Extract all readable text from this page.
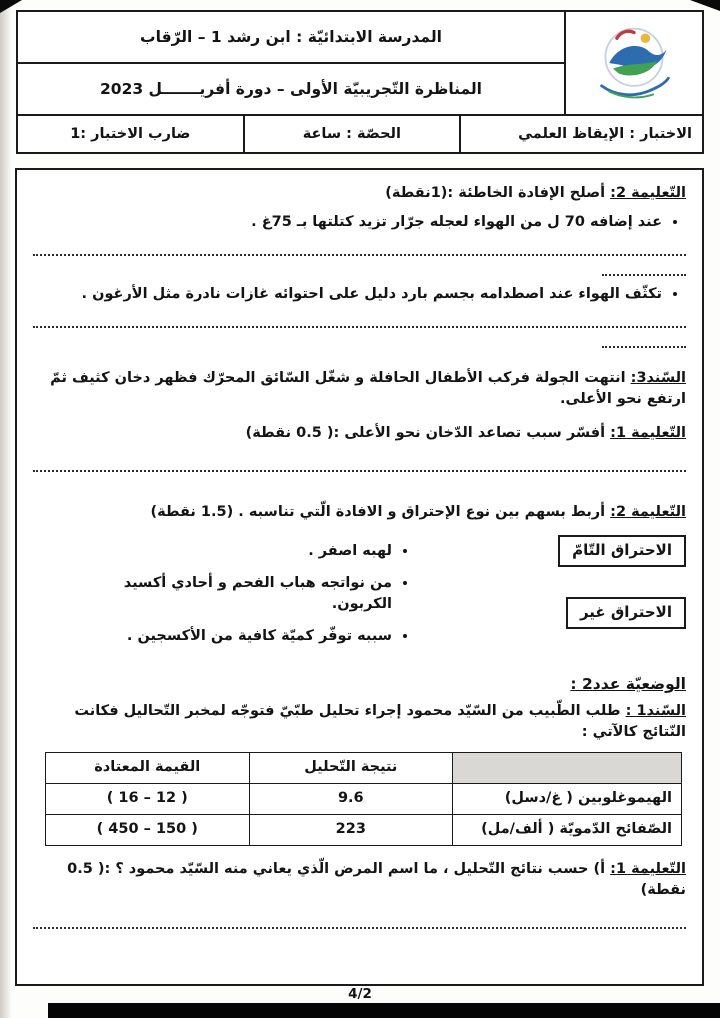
المدرسة الابتدائيّة : ابن رشد 1 – الرّقاب
المناظرة التّجريبيّة الأولى – دورة أفريـــــــل 2023
الاختبار : الإيقاظ العلمي
الحصّة : ساعة
ضارب الاختبار :1

التّعليمة 2: أصلح الإفادة الخاطئة :(1نقطة)

• عند إضافه 70 ل من الهواء لعجله جرّار تزيد كتلتها بـ 75غ .
• تكثّف الهواء عند اصطدامه بجسم بارد دليل على احتوائه غازات نادرة مثل الأرغون .

السّند3: انتهت الجولة فركب الأطفال الحافلة و شغّل السّائق المحرّك فظهر دخان كثيف ثمّ ارتفع نحو الأعلى.

التّعليمة 1: أفسّر سبب تصاعد الدّخان نحو الأعلى :( 0.5 نقطة)

التّعليمة 2: أربط بسهم بين نوع الإحتراق و الافادة الّتي تناسبه . (1.5 نقطة)

الاحتراق التّامّ
الاحتراق غير
• لهبه اصفر .
• من نواتجه هباب الفحم و أحادي أكسيد الكربون.
• سببه توفّر كميّة كافية من الأكسجين .

الوضعيّة عدد2 :

السّند1 : طلب الطّبيب من السّيّد محمود إجراء تحليل طبّيّ فتوجّه لمخبر التّحاليل فكانت النّتائج كالآتي :

	نتيجة التّحليل	القيمة المعتادة
الهيموغلوبين ( غ/دسل)	9.6	( 12 – 16 )
الصّفائح الدّمويّة ( ألف/مل)	223	( 150 – 450 )

التّعليمة 1: أ) حسب نتائج التّحليل ، ما اسم المرض الّذي يعاني منه السّيّد محمود ؟ :( 0.5 نقطة)

4/2
